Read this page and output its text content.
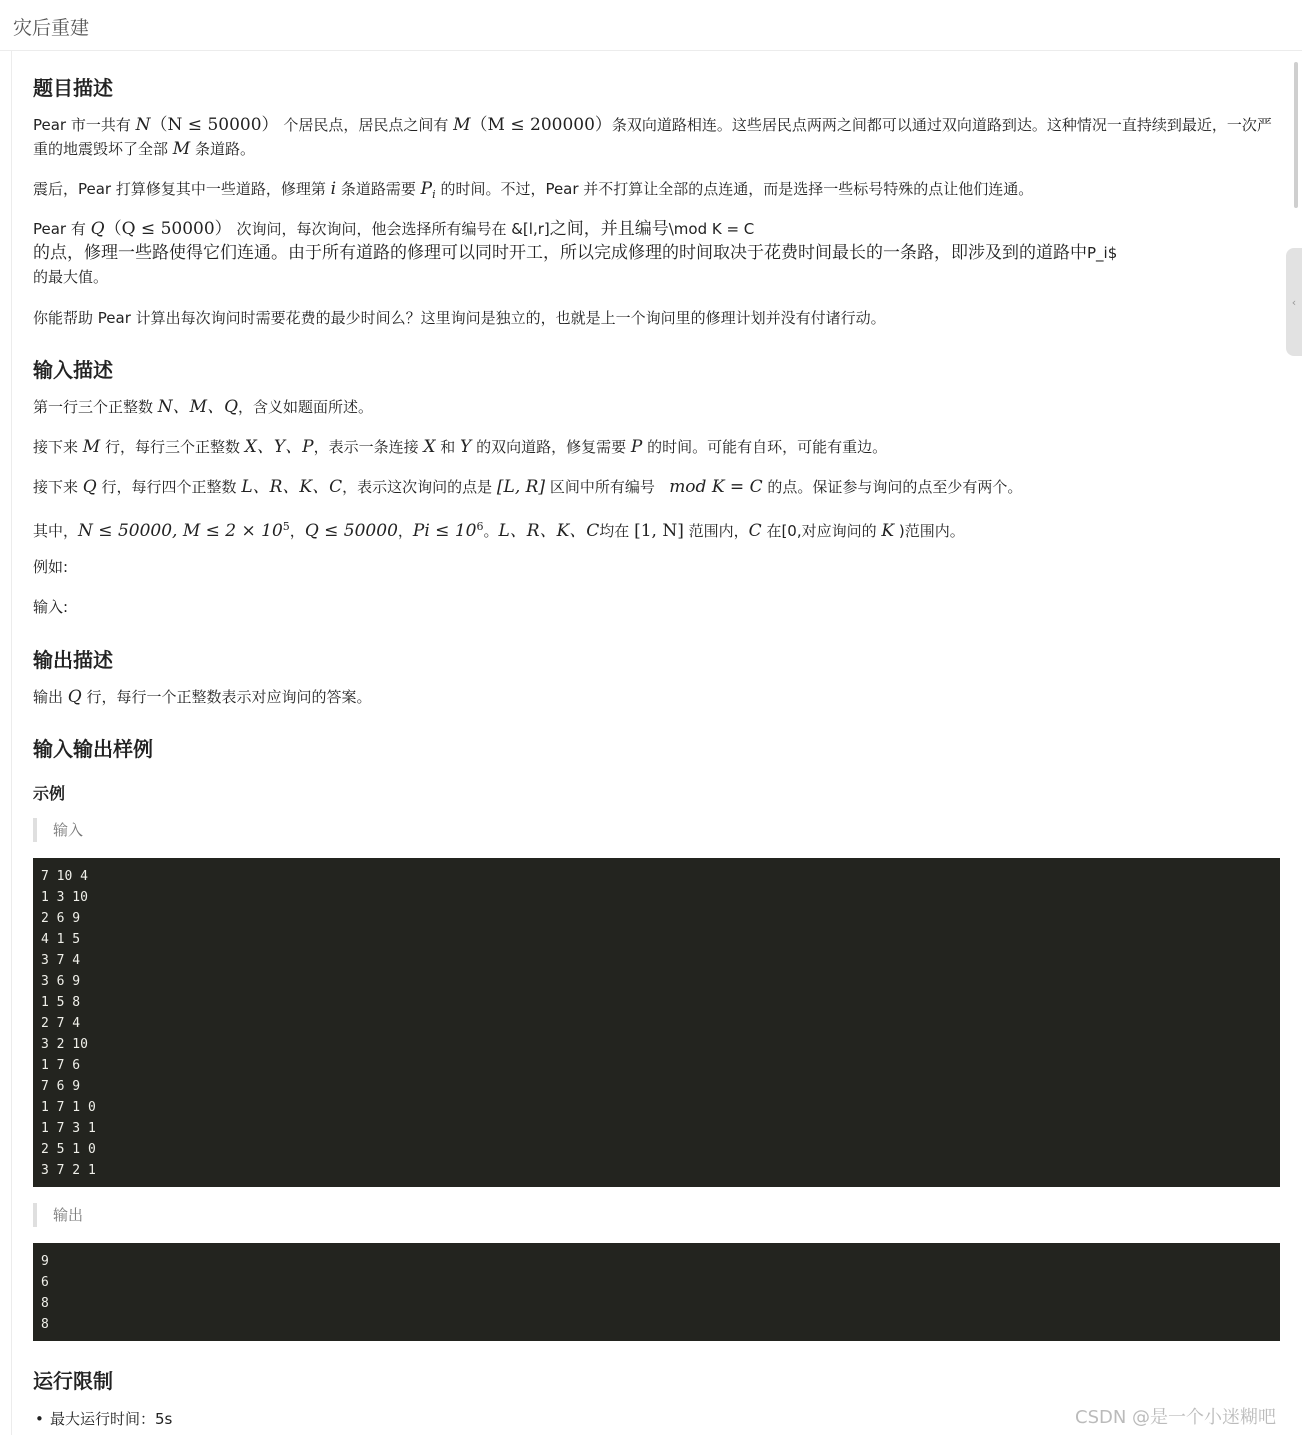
灾后重建
‹
题目描述
Pear 市一共有 N（N ≤ 50000） 个居民点，居民点之间有 M（M ≤ 200000）条双向道路相连。这些居民点两两之间都可以通过双向道路到达。这种情况一直持续到最近，一次严重的地震毁坏了全部 M 条道路。
震后，Pear 打算修复其中一些道路，修理第 i 条道路需要 $P_i$ 的时间。不过，Pear 并不打算让全部的点连通，而是选择一些标号特殊的点让他们连通。
Pear 有 Q（Q ≤ 50000） 次询问，每次询问，他会选择所有编号在 &[l,r]之间，并且编号\mod K = C
的点，修理一些路使得它们连通。由于所有道路的修理可以同时开工，所以完成修理的时间取决于花费时间最长的一条路，即涉及到的道路中P_i$
的最大值。
你能帮助 Pear 计算出每次询问时需要花费的最少时间么？这里询问是独立的，也就是上一个询问里的修理计划并没有付诸行动。
输入描述
第一行三个正整数 N、M、Q，含义如题面所述。
接下来 M 行，每行三个正整数 X、Y、P，表示一条连接 X 和 Y 的双向道路，修复需要 P 的时间。可能有自环，可能有重边。
接下来 Q 行，每行四个正整数 L、R、K、C，表示这次询问的点是 [L, R] 区间中所有编号 mod K = C 的点。保证参与询问的点至少有两个。
其中，N ≤ 50000, $M \le 2 \times 10^5$，Q ≤ 50000，$Pi \le 10^6$。L、R、K、C均在 [1, N] 范围内，C 在[0,对应询问的 K )范围内。
例如:
输入:
输出描述
输出 Q 行，每行一个正整数表示对应询问的答案。
输入输出样例
示例
输入
7 10 4
1 3 10
2 6 9
4 1 5
3 7 4
3 6 9
1 5 8
2 7 4
3 2 10
1 7 6
7 6 9
1 7 1 0
1 7 3 1
2 5 1 0
3 7 2 1
输出
9
6
8
8
运行限制
• 最大运行时间：5s	CSDN @是一个小迷糊吧
